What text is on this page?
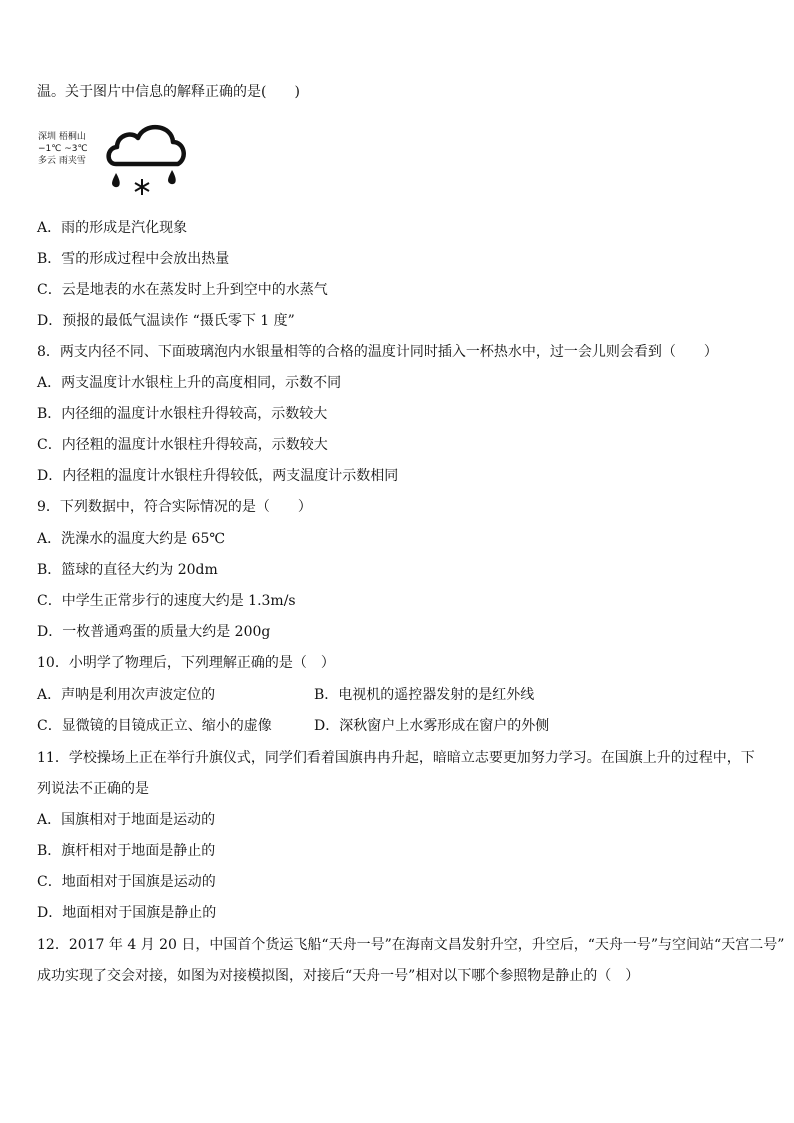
温。关于图片中信息的解释正确的是(　　)
深圳 梧桐山
−1℃ ~3℃
多云 雨夹雪
A．雨的形成是汽化现象
B．雪的形成过程中会放出热量
C．云是地表的水在蒸发时上升到空中的水蒸气
D．预报的最低气温读作 “摄氏零下 1 度”
8．两支内径不同、下面玻璃泡内水银量相等的合格的温度计同时插入一杯热水中，过一会儿则会看到（　　）
A．两支温度计水银柱上升的高度相同，示数不同
B．内径细的温度计水银柱升得较高，示数较大
C．内径粗的温度计水银柱升得较高，示数较大
D．内径粗的温度计水银柱升得较低，两支温度计示数相同
9．下列数据中，符合实际情况的是（　　）
A．洗澡水的温度大约是 65℃
B．篮球的直径大约为 20dm
C．中学生正常步行的速度大约是 1.3m/s
D．一枚普通鸡蛋的质量大约是 200g
10．小明学了物理后，下列理解正确的是（　）
A．声呐是利用次声波定位的	B．电视机的遥控器发射的是红外线
C．显微镜的目镜成正立、缩小的虚像	D．深秋窗户上水雾形成在窗户的外侧
11．学校操场上正在举行升旗仪式，同学们看着国旗冉冉升起，暗暗立志要更加努力学习。在国旗上升的过程中，下
列说法不正确的是
A．国旗相对于地面是运动的
B．旗杆相对于地面是静止的
C．地面相对于国旗是运动的
D．地面相对于国旗是静止的
12．2017 年 4 月 20 日，中国首个货运飞船“天舟一号”在海南文昌发射升空，升空后，“天舟一号”与空间站“天宫二号”
成功实现了交会对接，如图为对接模拟图，对接后“天舟一号”相对以下哪个参照物是静止的（　）
